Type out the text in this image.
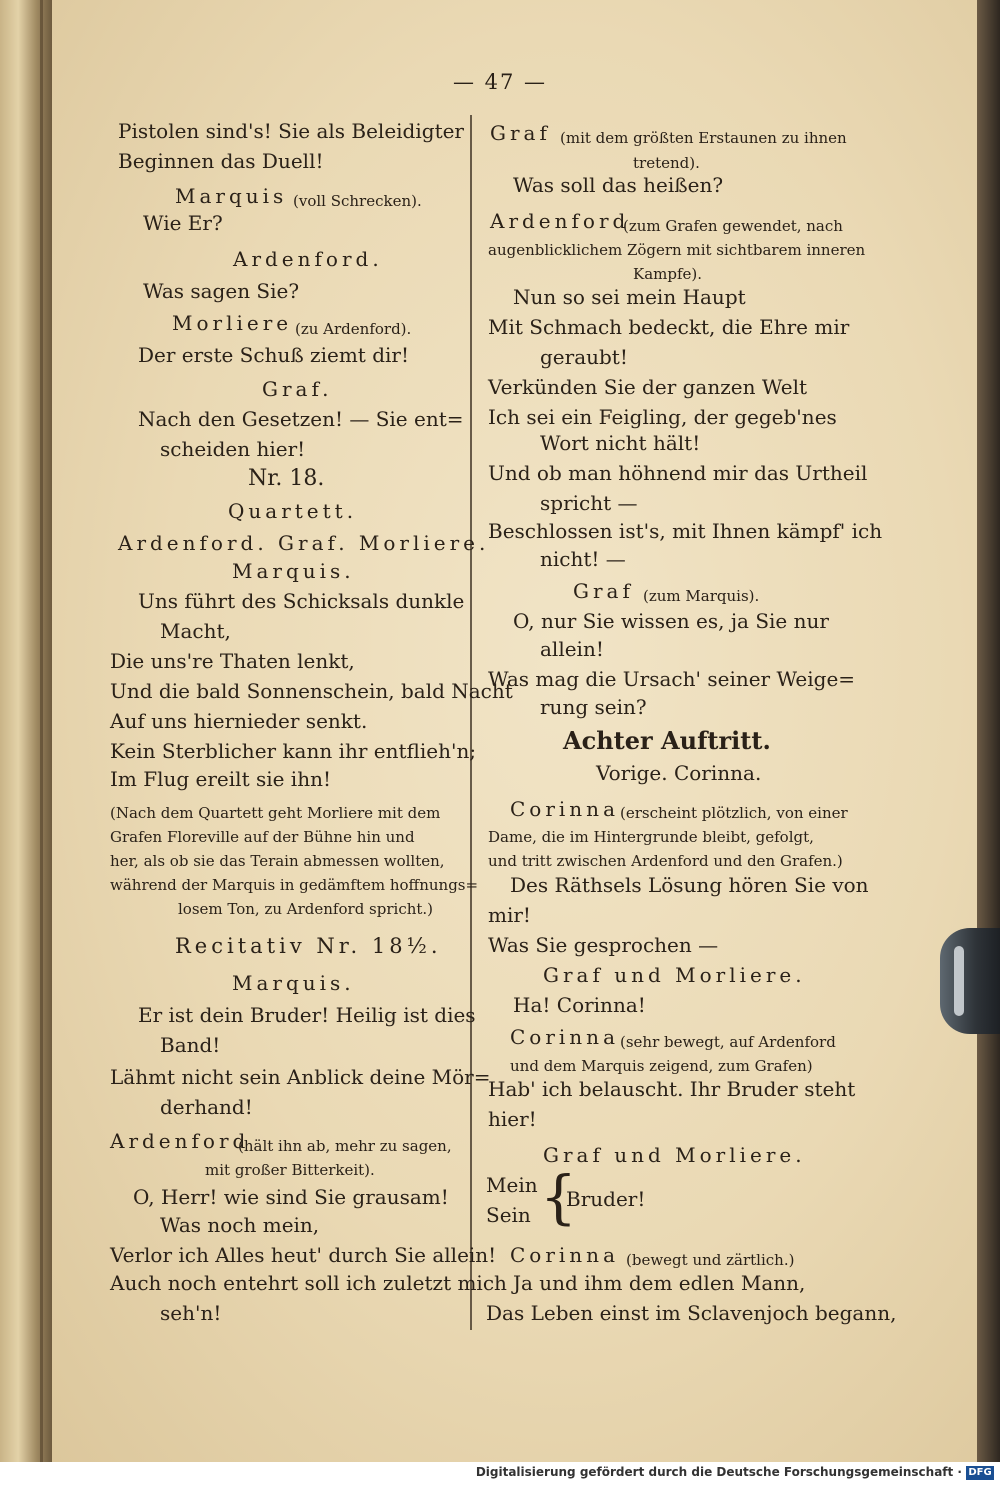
— 47 —
Pistolen sind's! Sie als Beleidigter
Beginnen das Duell!
Marquis (voll Schrecken).
Wie Er?
Ardenford.
Was sagen Sie?
Morliere (zu Ardenford).
Der erste Schuß ziemt dir!
Graf.
Nach den Gesetzen! — Sie ent=
scheiden hier!
Nr. 18.
Quartett.
Ardenford. Graf. Morliere.
Marquis.
Uns führt des Schicksals dunkle
Macht,
Die uns're Thaten lenkt,
Und die bald Sonnenschein, bald Nacht
Auf uns hiernieder senkt.
Kein Sterblicher kann ihr entflieh'n;
Im Flug ereilt sie ihn!
(Nach dem Quartett geht Morliere mit dem
Grafen Floreville auf der Bühne hin und
her, als ob sie das Terain abmessen wollten,
während der Marquis in gedämftem hoffnungs=
losem Ton, zu Ardenford spricht.)
Recitativ Nr. 18½.
Marquis.
Er ist dein Bruder! Heilig ist dies
Band!
Lähmt nicht sein Anblick deine Mör=
derhand!
Ardenford
(hält ihn ab, mehr zu sagen,
mit großer Bitterkeit).
O, Herr! wie sind Sie grausam!
Was noch mein,
Verlor ich Alles heut' durch Sie allein!
Auch noch entehrt soll ich zuletzt mich
seh'n!
Graf (mit dem größten Erstaunen zu ihnen
tretend).
Was soll das heißen?
Ardenford
(zum Grafen gewendet, nach
augenblicklichem Zögern mit sichtbarem inneren
Kampfe).
Nun so sei mein Haupt
Mit Schmach bedeckt, die Ehre mir
geraubt!
Verkünden Sie der ganzen Welt
Ich sei ein Feigling, der gegeb'nes
Wort nicht hält!
Und ob man höhnend mir das Urtheil
spricht —
Beschlossen ist's, mit Ihnen kämpf' ich
nicht! —
Graf (zum Marquis).
O, nur Sie wissen es, ja Sie nur
allein!
Was mag die Ursach' seiner Weige=
rung sein?
Achter Auftritt.
Vorige. Corinna.
Corinna (erscheint plötzlich, von einer
Dame, die im Hintergrunde bleibt, gefolgt,
und tritt zwischen Ardenford und den Grafen.)
Des Räthsels Lösung hören Sie von
mir!
Was Sie gesprochen —
Graf und Morliere.
Ha! Corinna!
Corinna (sehr bewegt, auf Ardenford
und dem Marquis zeigend, zum Grafen)
Hab' ich belauscht. Ihr Bruder steht
hier!
Graf und Morliere.
Mein
Sein
Bruder!
Corinna (bewegt und zärtlich.)
Ja und ihm dem edlen Mann,
Das Leben einst im Sclavenjoch begann,
{
Digitalisierung gefördert durch die Deutsche Forschungsgemeinschaft · DFG
